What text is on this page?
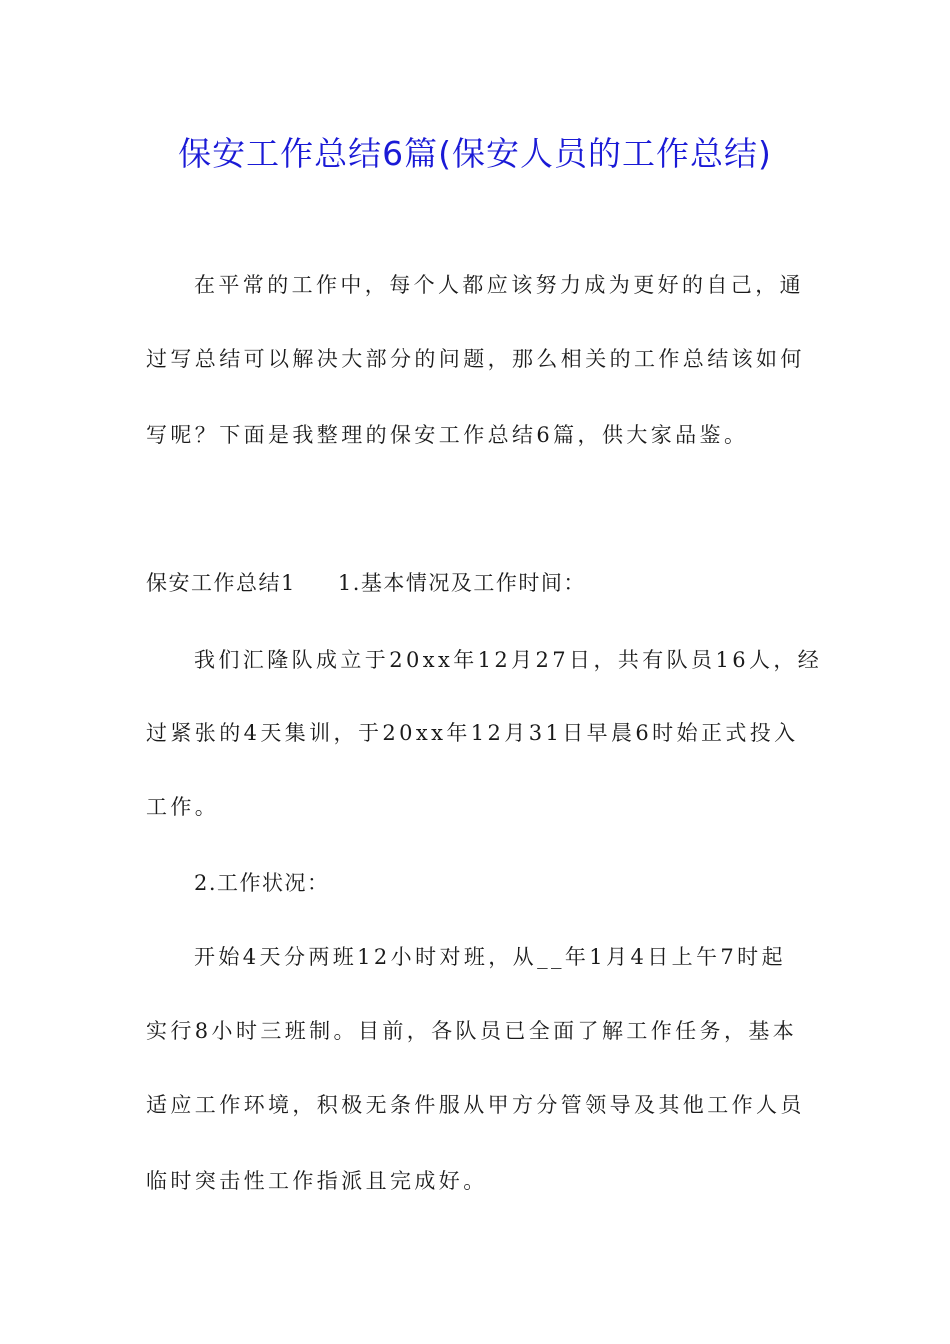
保安工作总结6篇(保安人员的工作总结)
在平常的工作中，每个人都应该努力成为更好的自己，通
过写总结可以解决大部分的问题，那么相关的工作总结该如何
写呢？下面是我整理的保安工作总结6篇，供大家品鉴。
保安工作总结1 1.基本情况及工作时间：
我们汇隆队成立于20xx年12月27日，共有队员16人，经
过紧张的4天集训，于20xx年12月31日早晨6时始正式投入
工作。
2.工作状况：
开始4天分两班12小时对班，从__年1月4日上午7时起
实行8小时三班制。目前，各队员已全面了解工作任务，基本
适应工作环境，积极无条件服从甲方分管领导及其他工作人员
临时突击性工作指派且完成好。
